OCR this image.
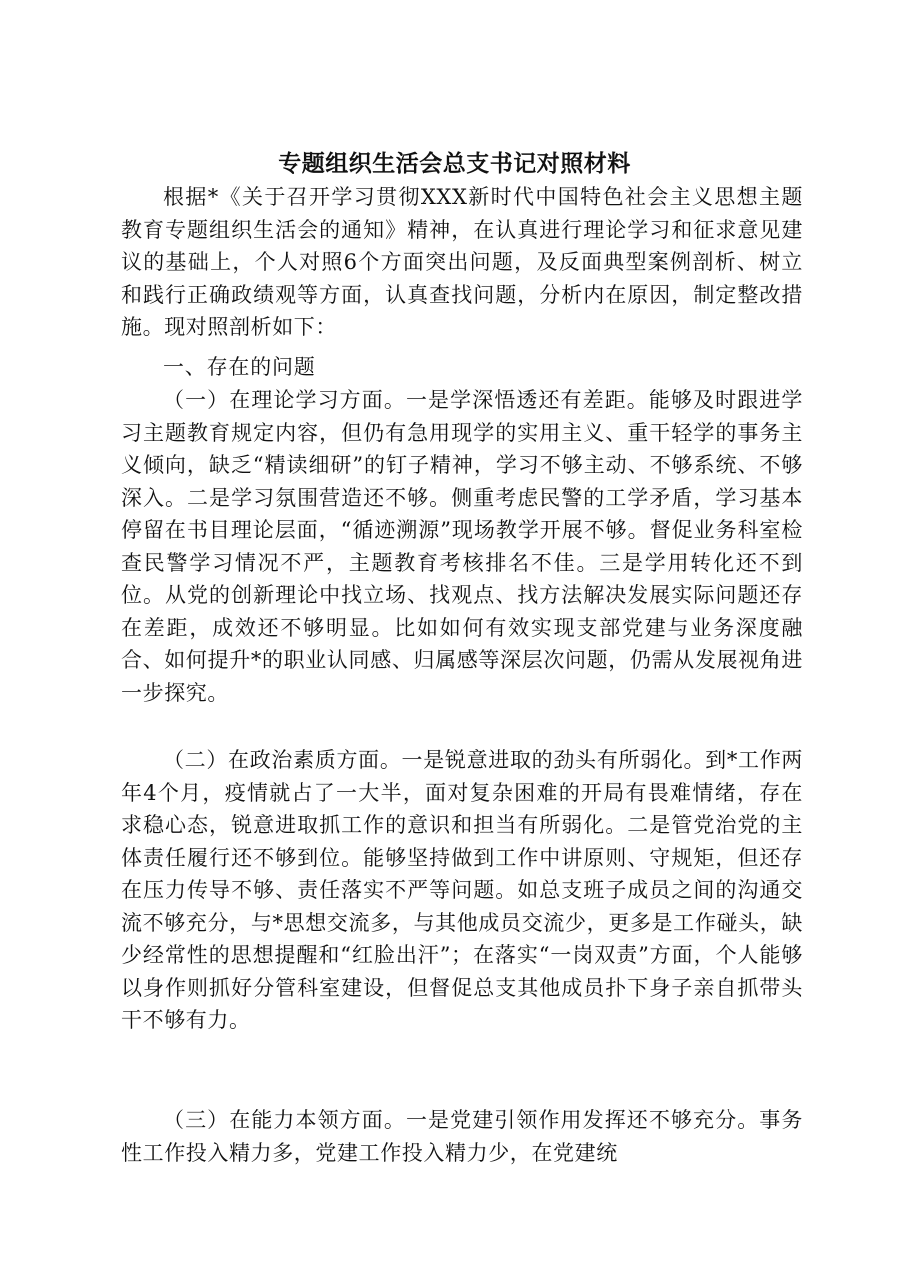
专题组织生活会总支书记对照材料

根据*《关于召开学习贯彻XXX新时代中国特色社会主义思想主题教育专题组织生活会的通知》精神，在认真进行理论学习和征求意见建议的基础上，个人对照6个方面突出问题，及反面典型案例剖析、树立和践行正确政绩观等方面，认真查找问题，分析内在原因，制定整改措施。现对照剖析如下：

一、存在的问题

（一）在理论学习方面。一是学深悟透还有差距。能够及时跟进学习主题教育规定内容，但仍有急用现学的实用主义、重干轻学的事务主义倾向，缺乏“精读细研”的钉子精神，学习不够主动、不够系统、不够深入。二是学习氛围营造还不够。侧重考虑民警的工学矛盾，学习基本停留在书目理论层面，“循迹溯源”现场教学开展不够。督促业务科室检查民警学习情况不严，主题教育考核排名不佳。三是学用转化还不到位。从党的创新理论中找立场、找观点、找方法解决发展实际问题还存在差距，成效还不够明显。比如如何有效实现支部党建与业务深度融合、如何提升*的职业认同感、归属感等深层次问题，仍需从发展视角进一步探究。

（二）在政治素质方面。一是锐意进取的劲头有所弱化。到*工作两年4个月，疫情就占了一大半，面对复杂困难的开局有畏难情绪，存在求稳心态，锐意进取抓工作的意识和担当有所弱化。二是管党治党的主体责任履行还不够到位。能够坚持做到工作中讲原则、守规矩，但还存在压力传导不够、责任落实不严等问题。如总支班子成员之间的沟通交流不够充分，与*思想交流多，与其他成员交流少，更多是工作碰头，缺少经常性的思想提醒和“红脸出汗”；在落实“一岗双责”方面，个人能够以身作则抓好分管科室建设，但督促总支其他成员扑下身子亲自抓带头干不够有力。

（三）在能力本领方面。一是党建引领作用发挥还不够充分。事务性工作投入精力多，党建工作投入精力少，在党建统
